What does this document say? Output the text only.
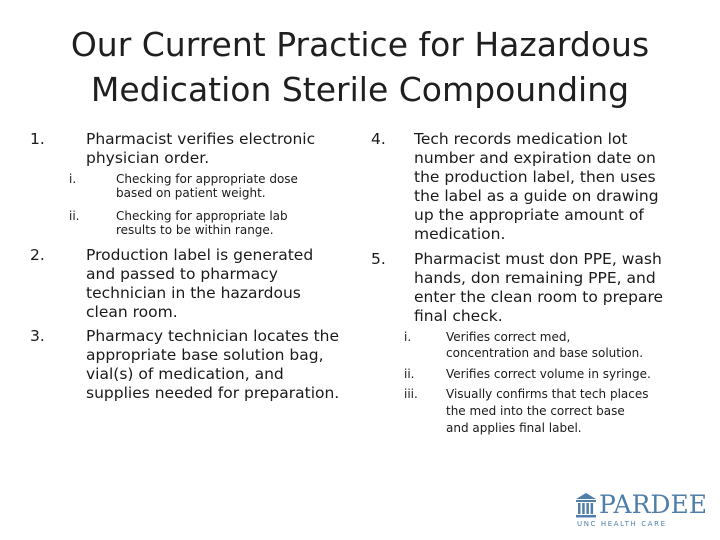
Our Current Practice for Hazardous
Medication Sterile Compounding
1.	Pharmacist verifies electronic
physician order.
i.	Checking for appropriate dose
based on patient weight.
ii.	Checking for appropriate lab
results to be within range.
2.	Production label is generated
and passed to pharmacy
technician in the hazardous
clean room.
3.	Pharmacy technician locates the
appropriate base solution bag,
vial(s) of medication, and
supplies needed for preparation.
4. Tech records medication lot
number and expiration date on
the production label, then uses
the label as a guide on drawing
up the appropriate amount of
medication.
5. Pharmacist must don PPE, wash
hands, don remaining PPE, and
enter the clean room to prepare
final check.
i.	Verifies correct med,
concentration and base solution.
ii.	Verifies correct volume in syringe.
iii. Visually confirms that tech places
the med into the correct base
and applies final label.
PARDEE
UNC HEALTH CARE
